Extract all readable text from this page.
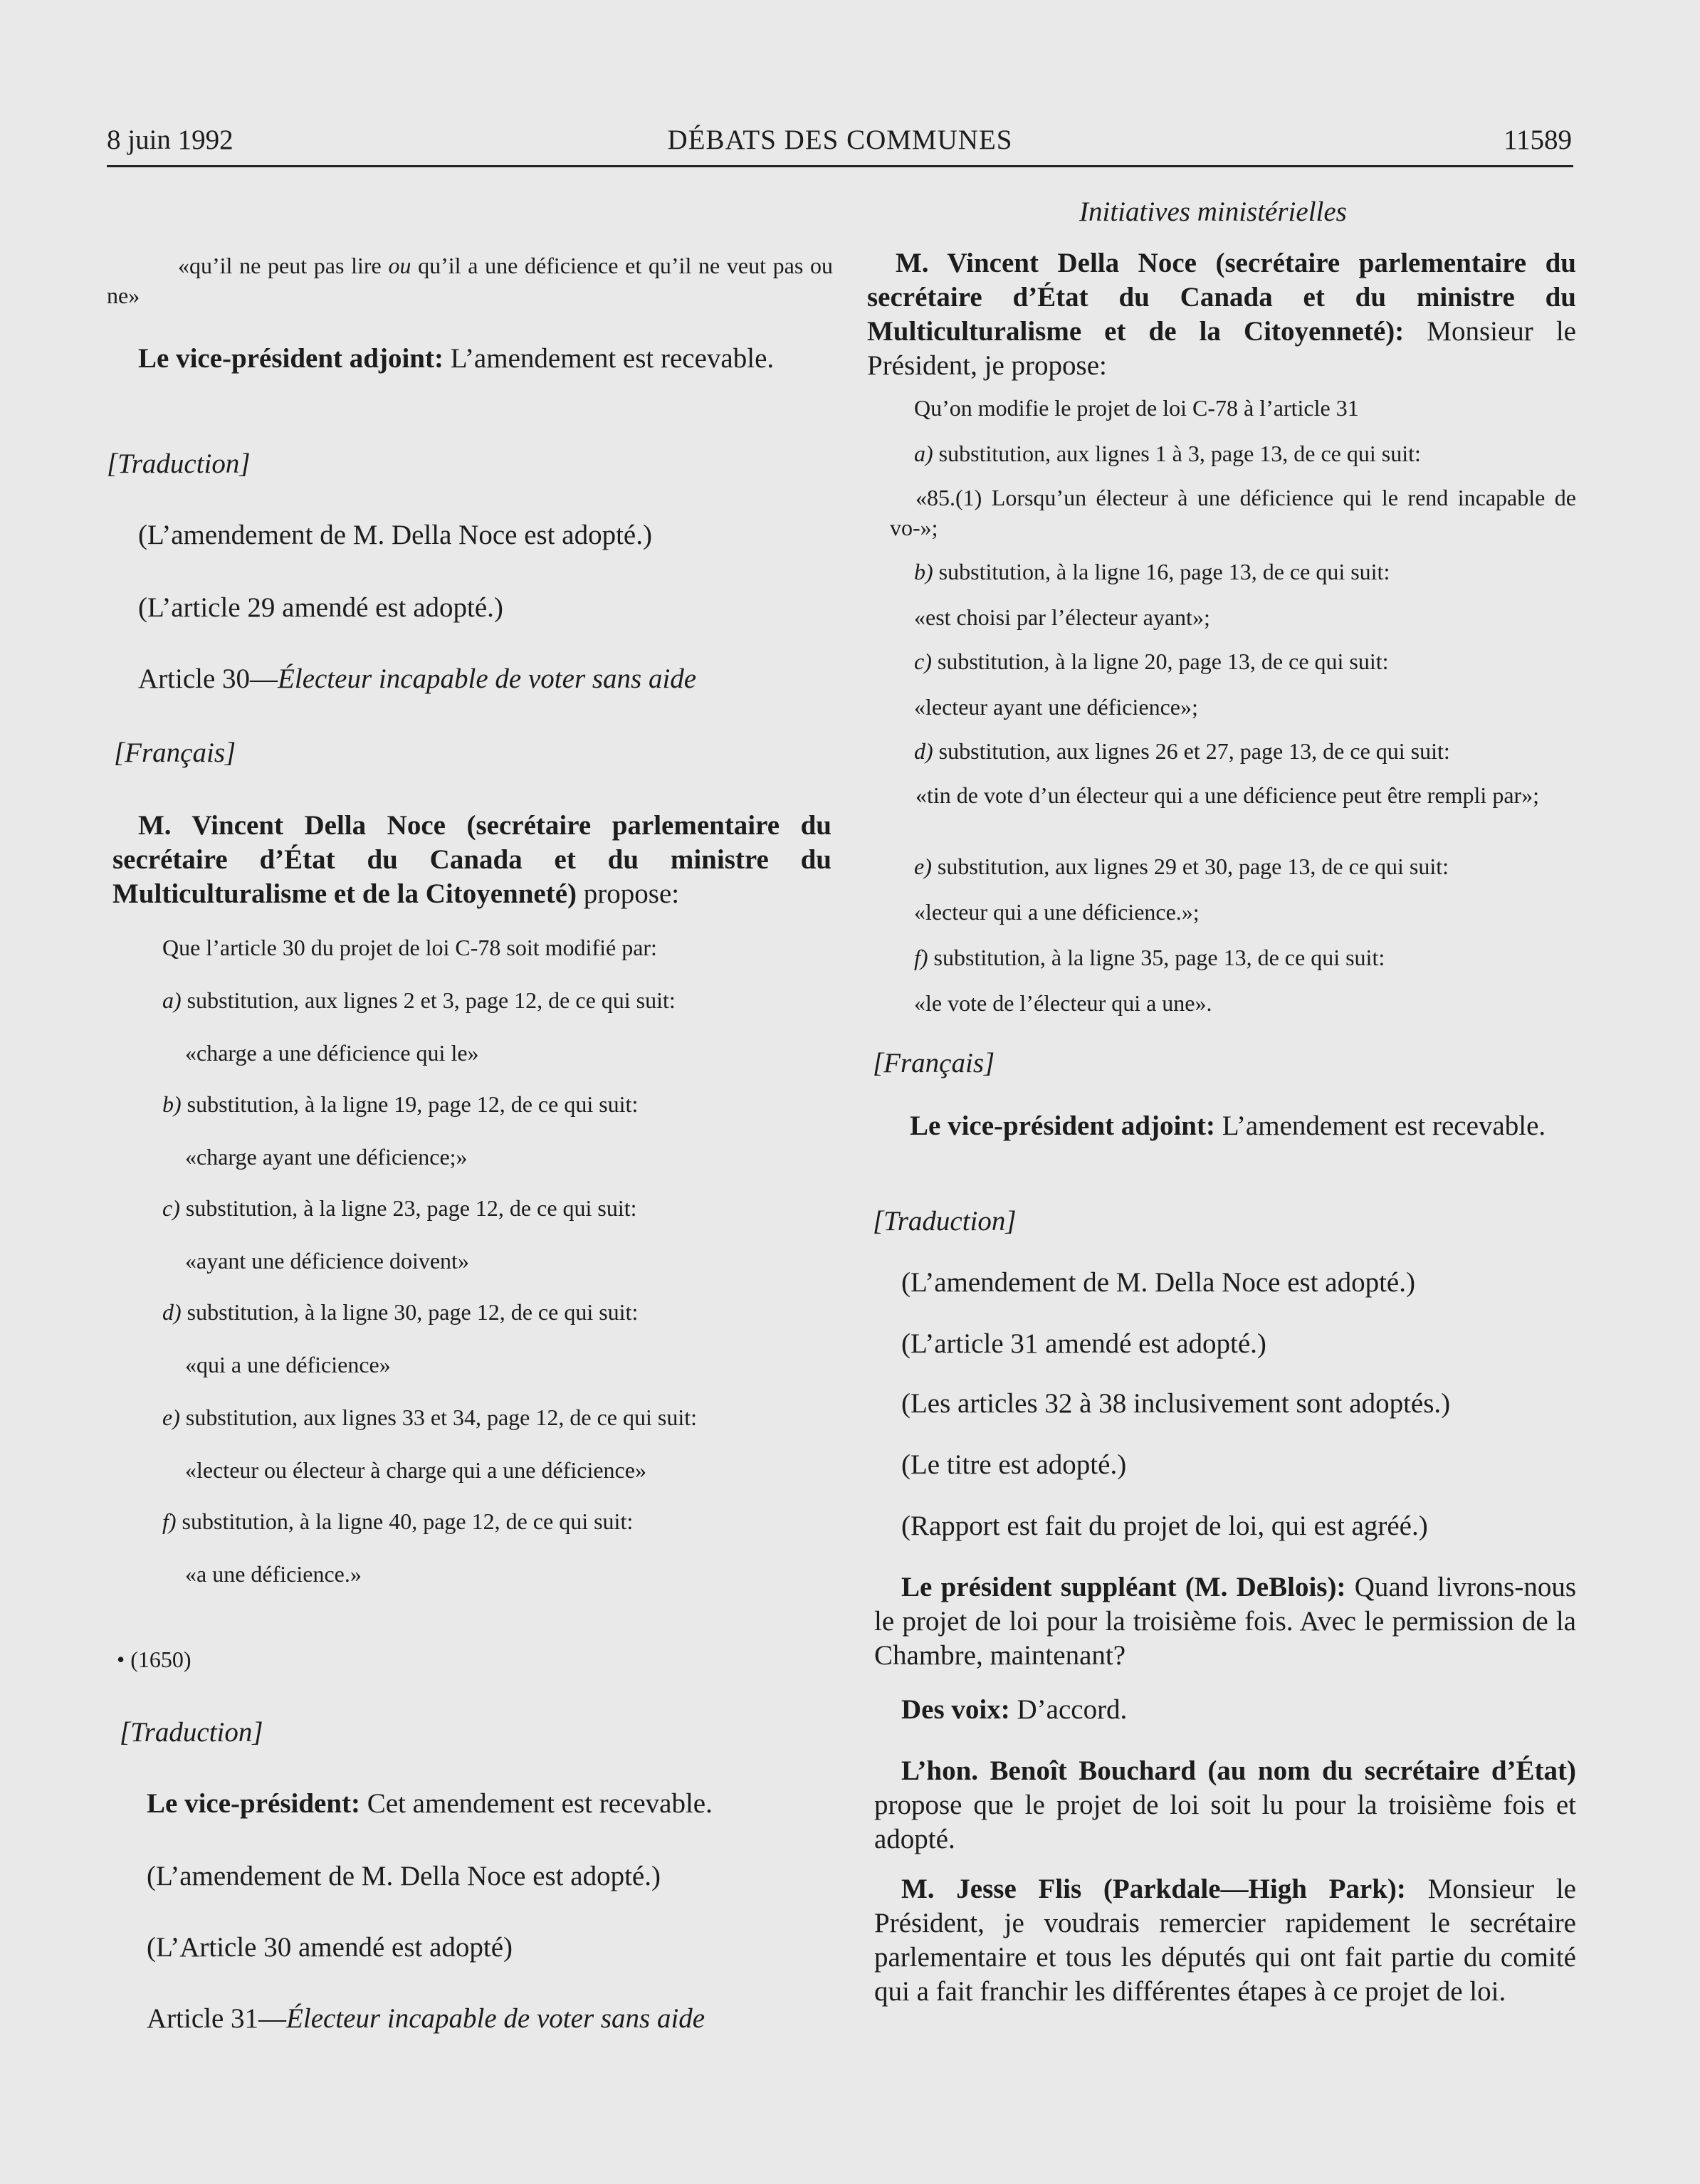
8 juin 1992	DÉBATS DES COMMUNES	11589

«qu’il ne peut pas lire ou qu’il a une déficience et qu’il ne veut pas ou ne»

Le vice-président adjoint: L’amendement est recevable.

[Traduction]

(L’amendement de M. Della Noce est adopté.)

(L’article 29 amendé est adopté.)

Article 30—Électeur incapable de voter sans aide

[Français]

M. Vincent Della Noce (secrétaire parlementaire du secrétaire d’État du Canada et du ministre du Multiculturalisme et de la Citoyenneté) propose:

Que l’article 30 du projet de loi C-78 soit modifié par:

a) substitution, aux lignes 2 et 3, page 12, de ce qui suit:

«charge a une déficience qui le»

b) substitution, à la ligne 19, page 12, de ce qui suit:

«charge ayant une déficience;»

c) substitution, à la ligne 23, page 12, de ce qui suit:

«ayant une déficience doivent»

d) substitution, à la ligne 30, page 12, de ce qui suit:

«qui a une déficience»

e) substitution, aux lignes 33 et 34, page 12, de ce qui suit:

«lecteur ou électeur à charge qui a une déficience»

f) substitution, à la ligne 40, page 12, de ce qui suit:

«a une déficience.»

• (1650)

[Traduction]

Le vice-président: Cet amendement est recevable.

(L’amendement de M. Della Noce est adopté.)

(L’Article 30 amendé est adopté)

Article 31—Électeur incapable de voter sans aide

Initiatives ministérielles

M. Vincent Della Noce (secrétaire parlementaire du secrétaire d’État du Canada et du ministre du Multiculturalisme et de la Citoyenneté): Monsieur le Président, je propose:

Qu’on modifie le projet de loi C-78 à l’article 31

a) substitution, aux lignes 1 à 3, page 13, de ce qui suit:

«85.(1) Lorsqu’un électeur à une déficience qui le rend incapable de vo-»;

b) substitution, à la ligne 16, page 13, de ce qui suit:

«est choisi par l’électeur ayant»;

c) substitution, à la ligne 20, page 13, de ce qui suit:

«lecteur ayant une déficience»;

d) substitution, aux lignes 26 et 27, page 13, de ce qui suit:

«tin de vote d’un électeur qui a une déficience peut être rempli par»;

e) substitution, aux lignes 29 et 30, page 13, de ce qui suit:

«lecteur qui a une déficience.»;

f) substitution, à la ligne 35, page 13, de ce qui suit:

«le vote de l’électeur qui a une».

[Français]

Le vice-président adjoint: L’amendement est recevable.

[Traduction]

(L’amendement de M. Della Noce est adopté.)

(L’article 31 amendé est adopté.)

(Les articles 32 à 38 inclusivement sont adoptés.)

(Le titre est adopté.)

(Rapport est fait du projet de loi, qui est agréé.)

Le président suppléant (M. DeBlois): Quand livrons-nous le projet de loi pour la troisième fois. Avec le permission de la Chambre, maintenant?

Des voix: D’accord.

L’hon. Benoît Bouchard (au nom du secrétaire d’État) propose que le projet de loi soit lu pour la troisième fois et adopté.

M. Jesse Flis (Parkdale—High Park): Monsieur le Président, je voudrais remercier rapidement le secrétaire parlementaire et tous les députés qui ont fait partie du comité qui a fait franchir les différentes étapes à ce projet de loi.
